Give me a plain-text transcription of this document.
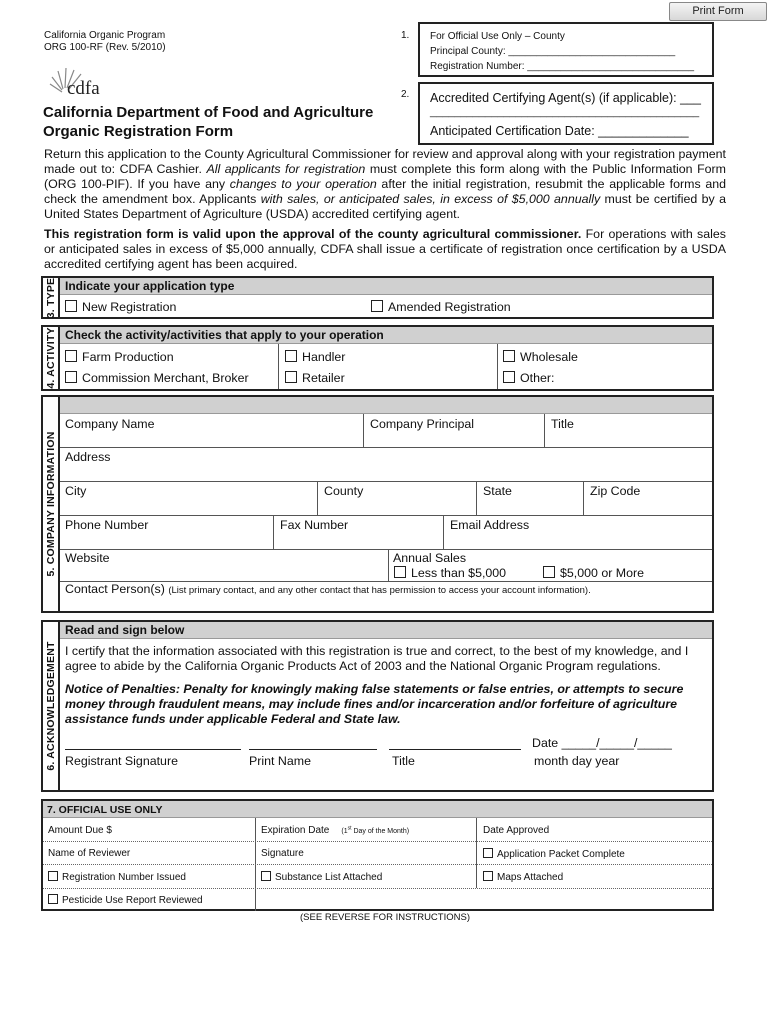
Print Form
California Organic Program
ORG 100-RF (Rev. 5/2010)
cdfa
California Department of Food and Agriculture
Organic Registration Form
1. For Official Use Only – County
Principal County: ______________________________
Registration Number: ______________________________
2. Accredited Certifying Agent(s) (if applicable): ___
____________________________________________
Anticipated Certification Date: _____________
Return this application to the County Agricultural Commissioner for review and approval along with your registration payment made out to: CDFA Cashier. All applicants for registration must complete this form along with the Public Information Form (ORG 100-PIF). If you have any changes to your operation after the initial registration, resubmit the applicable forms and check the amendment box. Applicants with sales, or anticipated sales, in excess of $5,000 annually must be certified by a United States Department of Agriculture (USDA) accredited certifying agent.
This registration form is valid upon the approval of the county agricultural commissioner. For operations with sales or anticipated sales in excess of $5,000 annually, CDFA shall issue a certificate of registration once certification by a USDA accredited certifying agent has been acquired.
3. TYPE Indicate your application type
New Registration	Amended Registration
4. ACTIVITY Check the activity/activities that apply to your operation
Farm Production	Handler	Wholesale
Commission Merchant, Broker	Retailer	Other:
5. COMPANY INFORMATION
Company Name	Company Principal	Title
Address
City	County	State	Zip Code
Phone Number	Fax Number	Email Address
Website	Annual Sales
Less than $5,000	$5,000 or More
Contact Person(s) (List primary contact, and any other contact that has permission to access your account information).
6. ACKNOWLEDGEMENT
Read and sign below
I certify that the information associated with this registration is true and correct, to the best of my knowledge, and I
agree to abide by the California Organic Products Act of 2003 and the National Organic Program regulations.
Notice of Penalties: Penalty for knowingly making false statements or false entries, or attempts to secure
money through fraudulent means, may include fines and/or incarceration and/or forfeiture of agriculture
assistance funds under applicable Federal and State law.
Date _____/_____/_____
Registrant Signature	Print Name	Title	month day year
7. OFFICIAL USE ONLY
Amount Due $	Expiration Date (1st Day of the Month)	Date Approved
Name of Reviewer	Signature	Application Packet Complete
Registration Number Issued	Substance List Attached	Maps Attached
Pesticide Use Report Reviewed
(SEE REVERSE FOR INSTRUCTIONS)
